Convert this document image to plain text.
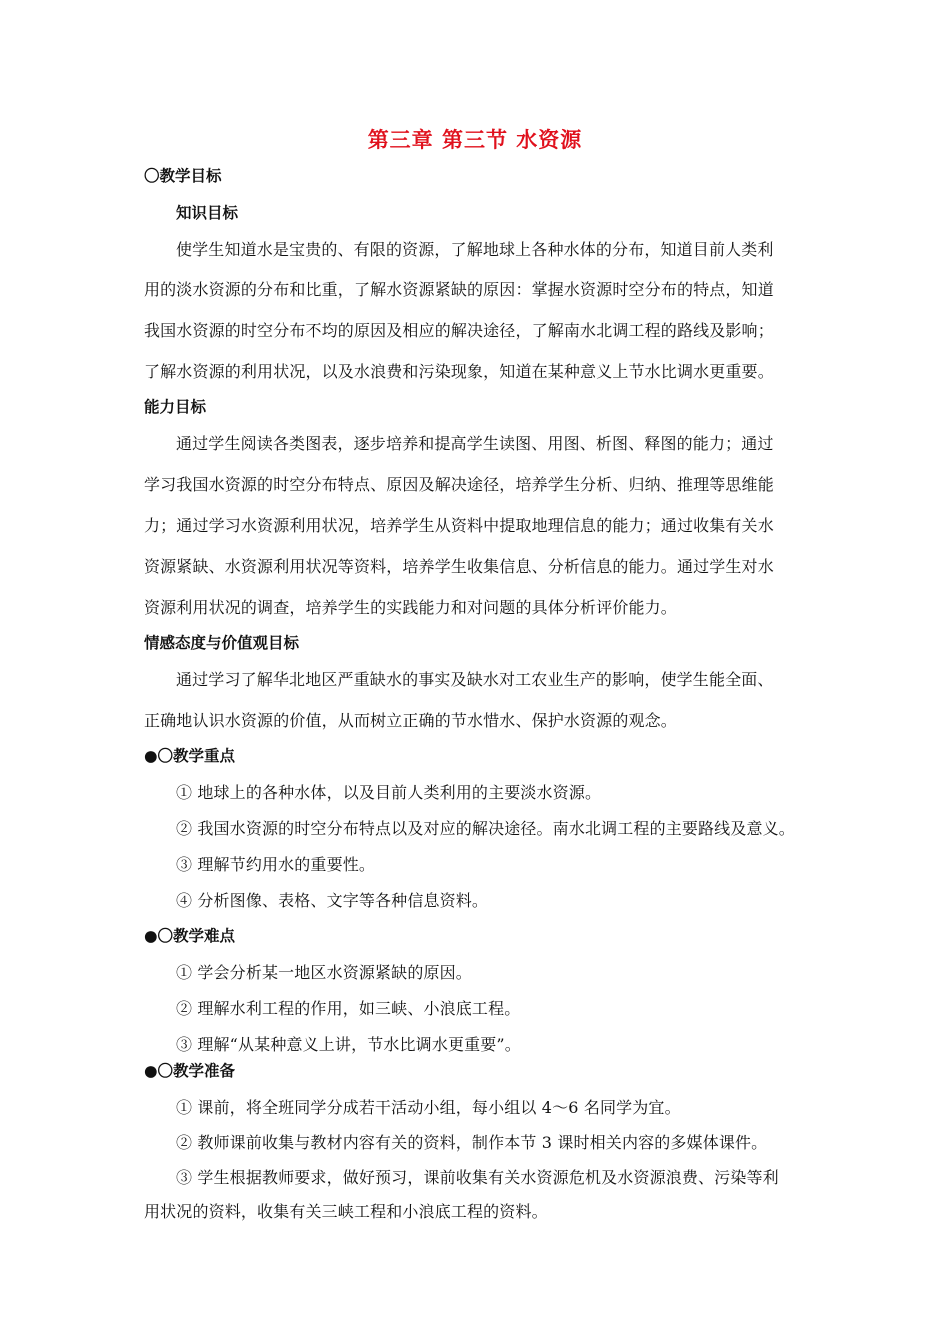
第三章 第三节 水资源
〇教学目标
知识目标
使学生知道水是宝贵的、有限的资源，了解地球上各种水体的分布，知道目前人类利
用的淡水资源的分布和比重，了解水资源紧缺的原因：掌握水资源时空分布的特点，知道
我国水资源的时空分布不均的原因及相应的解决途径，了解南水北调工程的路线及影响；
了解水资源的利用状况，以及水浪费和污染现象，知道在某种意义上节水比调水更重要。
能力目标
通过学生阅读各类图表，逐步培养和提高学生读图、用图、析图、释图的能力；通过
学习我国水资源的时空分布特点、原因及解决途径，培养学生分析、归纳、推理等思维能
力；通过学习水资源利用状况，培养学生从资料中提取地理信息的能力；通过收集有关水
资源紧缺、水资源利用状况等资料，培养学生收集信息、分析信息的能力。通过学生对水
资源利用状况的调查，培养学生的实践能力和对问题的具体分析评价能力。
情感态度与价值观目标
通过学习了解华北地区严重缺水的事实及缺水对工农业生产的影响，使学生能全面、
正确地认识水资源的价值，从而树立正确的节水惜水、保护水资源的观念。
●〇教学重点
① 地球上的各种水体，以及目前人类利用的主要淡水资源。
② 我国水资源的时空分布特点以及对应的解决途径。南水北调工程的主要路线及意义。
③ 理解节约用水的重要性。
④ 分析图像、表格、文字等各种信息资料。
●〇教学难点
① 学会分析某一地区水资源紧缺的原因。
② 理解水利工程的作用，如三峡、小浪底工程。
③ 理解“从某种意义上讲，节水比调水更重要”。
●〇教学准备
① 课前，将全班同学分成若干活动小组，每小组以 4～6 名同学为宜。
② 教师课前收集与教材内容有关的资料，制作本节 3 课时相关内容的多媒体课件。
③ 学生根据教师要求，做好预习，课前收集有关水资源危机及水资源浪费、污染等利
用状况的资料，收集有关三峡工程和小浪底工程的资料。
